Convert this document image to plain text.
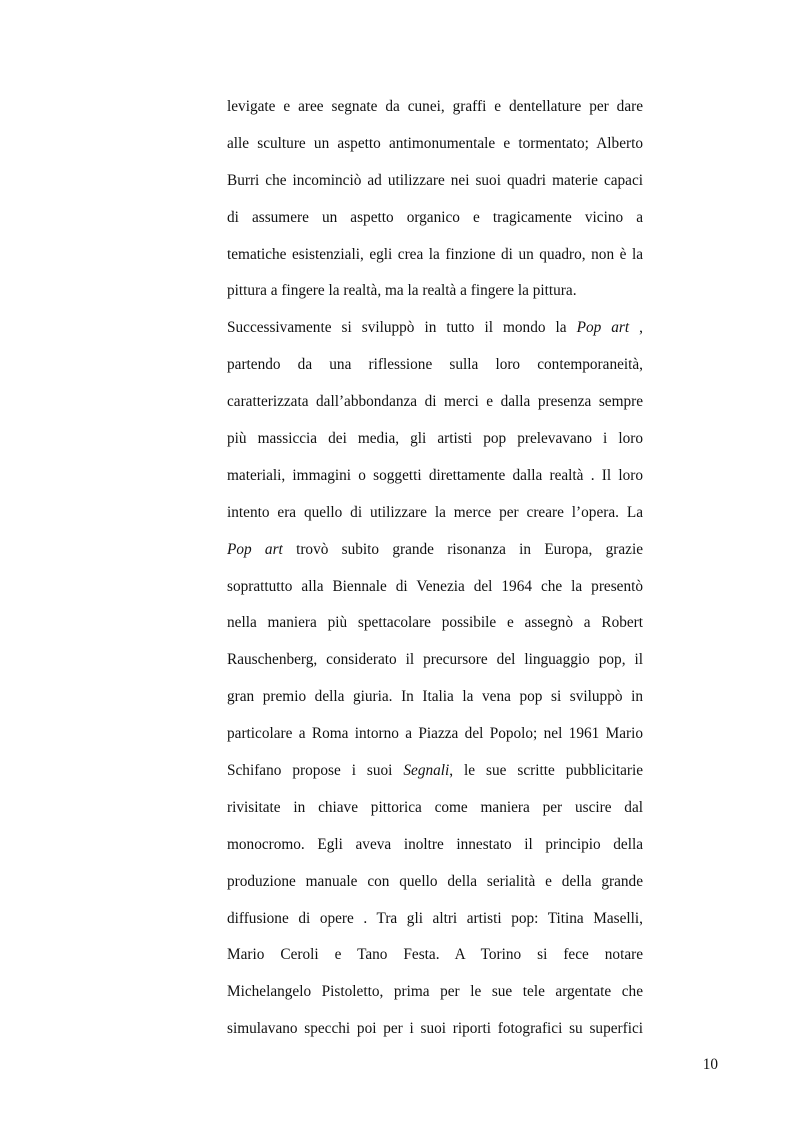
levigate e aree segnate da cunei, graffi e dentellature per dare
alle sculture un aspetto antimonumentale e tormentato; Alberto
Burri che incominciò ad utilizzare nei suoi quadri materie capaci
di assumere un aspetto organico e tragicamente vicino a
tematiche esistenziali, egli crea la finzione di un quadro, non è la
pittura a fingere la realtà, ma la realtà a fingere la pittura.
Successivamente si sviluppò in tutto il mondo la Pop art ,
partendo da una riflessione sulla loro contemporaneità,
caratterizzata dall’abbondanza di merci e dalla presenza sempre
più massiccia dei media, gli artisti pop prelevavano i loro
materiali, immagini o soggetti direttamente dalla realtà . Il loro
intento era quello di utilizzare la merce per creare l’opera. La
Pop art trovò subito grande risonanza in Europa, grazie
soprattutto alla Biennale di Venezia del 1964 che la presentò
nella maniera più spettacolare possibile e assegnò a Robert
Rauschenberg, considerato il precursore del linguaggio pop, il
gran premio della giuria. In Italia la vena pop si sviluppò in
particolare a Roma intorno a Piazza del Popolo; nel 1961 Mario
Schifano propose i suoi Segnali, le sue scritte pubblicitarie
rivisitate in chiave pittorica come maniera per uscire dal
monocromo. Egli aveva inoltre innestato il principio della
produzione manuale con quello della serialità e della grande
diffusione di opere . Tra gli altri artisti pop: Titina Maselli,
Mario Ceroli e Tano Festa. A Torino si fece notare
Michelangelo Pistoletto, prima per le sue tele argentate che
simulavano specchi poi per i suoi riporti fotografici su superfici
10
